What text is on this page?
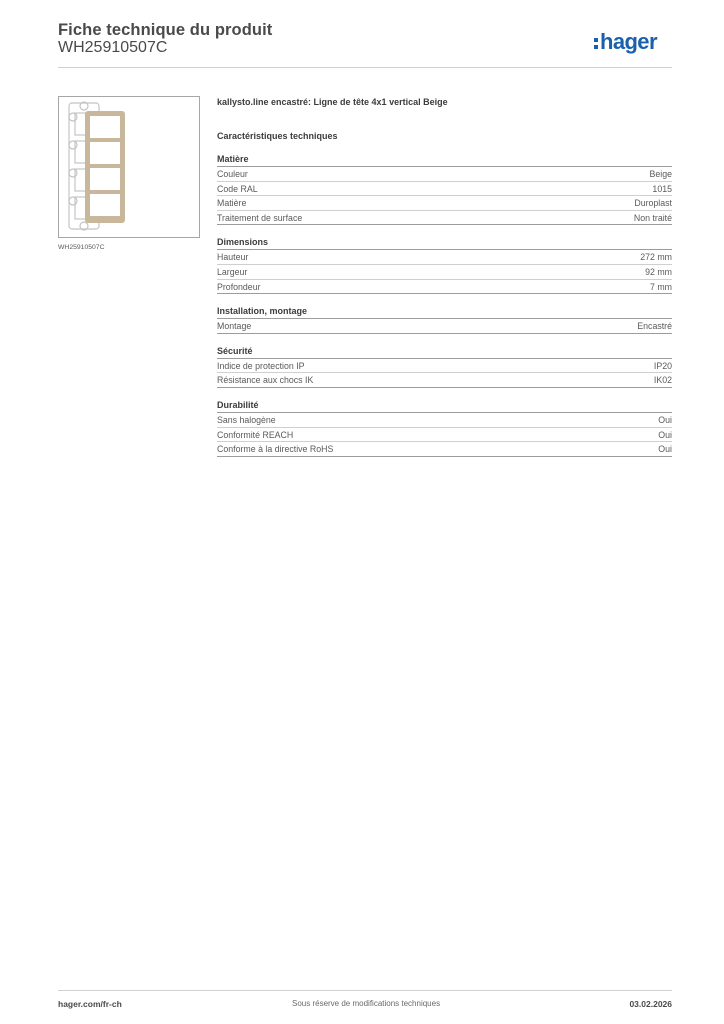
Fiche technique du produit
WH25910507C	hager
WH25910507C
kallysto.line encastré: Ligne de tête 4x1 vertical Beige
Caractéristiques techniques
Matière
Couleur	Beige
Code RAL	1015
Matière	Duroplast
Traitement de surface	Non traité
Dimensions
Hauteur	272 mm
Largeur	92 mm
Profondeur	7 mm
Installation, montage
Montage	Encastré
Sécurité
Indice de protection IP	IP20
Résistance aux chocs IK	IK02
Durabilité
Sans halogène	Oui
Conformité REACH	Oui
Conforme à la directive RoHS	Oui
hager.com/fr-ch	Sous réserve de modifications techniques	03.02.2026
